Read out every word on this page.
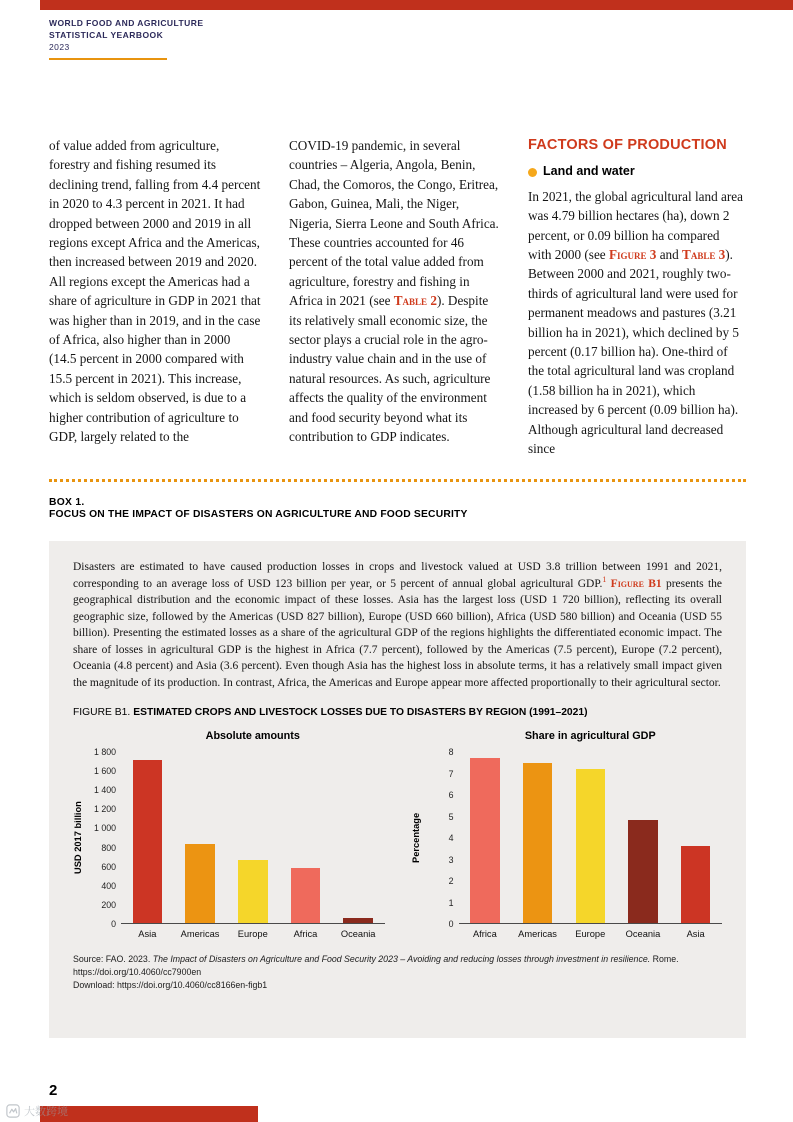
WORLD FOOD AND AGRICULTURE
STATISTICAL YEARBOOK
2023

of value added from agriculture, forestry and fishing resumed its declining trend, falling from 4.4 percent in 2020 to 4.3 percent in 2021. It had dropped between 2000 and 2019 in all regions except Africa and the Americas, then increased between 2019 and 2020. All regions except the Americas had a share of agriculture in GDP in 2021 that was higher than in 2019, and in the case of Africa, also higher than in 2000 (14.5 percent in 2000 compared with 15.5 percent in 2021). This increase, which is seldom observed, is due to a higher contribution of agriculture to GDP, largely related to the

COVID-19 pandemic, in several countries – Algeria, Angola, Benin, Chad, the Comoros, the Congo, Eritrea, Gabon, Guinea, Mali, the Niger, Nigeria, Sierra Leone and South Africa. These countries accounted for 46 percent of the total value added from agriculture, forestry and fishing in Africa in 2021 (see Table 2). Despite its relatively small economic size, the sector plays a crucial role in the agro-industry value chain and in the use of natural resources. As such, agriculture affects the quality of the environment and food security beyond what its contribution to GDP indicates.

FACTORS OF PRODUCTION
Land and water

In 2021, the global agricultural land area was 4.79 billion hectares (ha), down 2 percent, or 0.09 billion ha compared with 2000 (see Figure 3 and Table 3). Between 2000 and 2021, roughly two-thirds of agricultural land were used for permanent meadows and pastures (3.21 billion ha in 2021), which declined by 5 percent (0.17 billion ha). One-third of the total agricultural land was cropland (1.58 billion ha in 2021), which increased by 6 percent (0.09 billion ha). Although agricultural land decreased since

BOX 1.
FOCUS ON THE IMPACT OF DISASTERS ON AGRICULTURE AND FOOD SECURITY

Disasters are estimated to have caused production losses in crops and livestock valued at USD 3.8 trillion between 1991 and 2021, corresponding to an average loss of USD 123 billion per year, or 5 percent of annual global agricultural GDP.$^1$ Figure B1 presents the geographical distribution and the economic impact of these losses. Asia has the largest loss (USD 1 720 billion), reflecting its overall geographic size, followed by the Americas (USD 827 billion), Europe (USD 660 billion), Africa (USD 580 billion) and Oceania (USD 55 billion). Presenting the estimated losses as a share of the agricultural GDP of the regions highlights the differentiated economic impact. The share of losses in agricultural GDP is the highest in Africa (7.7 percent), followed by the Americas (7.5 percent), Europe (7.2 percent), Oceania (4.8 percent) and Asia (3.6 percent). Even though Asia has the highest loss in absolute terms, it has a relatively small impact given the magnitude of its production. In contrast, Africa, the Americas and Europe appear more affected proportionally to their agricultural sector.

FIGURE B1. ESTIMATED CROPS AND LIVESTOCK LOSSES DUE TO DISASTERS BY REGION (1991–2021)
Absolute amounts
USD 2017 billion
0
200
400
600
800
1 000
1 200
1 400
1 600
1 800
Asia	Americas	Europe	Africa	Oceania
Share in agricultural GDP
Percentage
0
1
2
3
4
5
6
7
8
Africa	Americas	Europe	Oceania	Asia
Source: FAO. 2023. The Impact of Disasters on Agriculture and Food Security 2023 – Avoiding and reducing losses through investment in resilience. Rome.
https://doi.org/10.4060/cc7900en
Download: https://doi.org/10.4060/cc8166en-figb1
2
大数跨境
